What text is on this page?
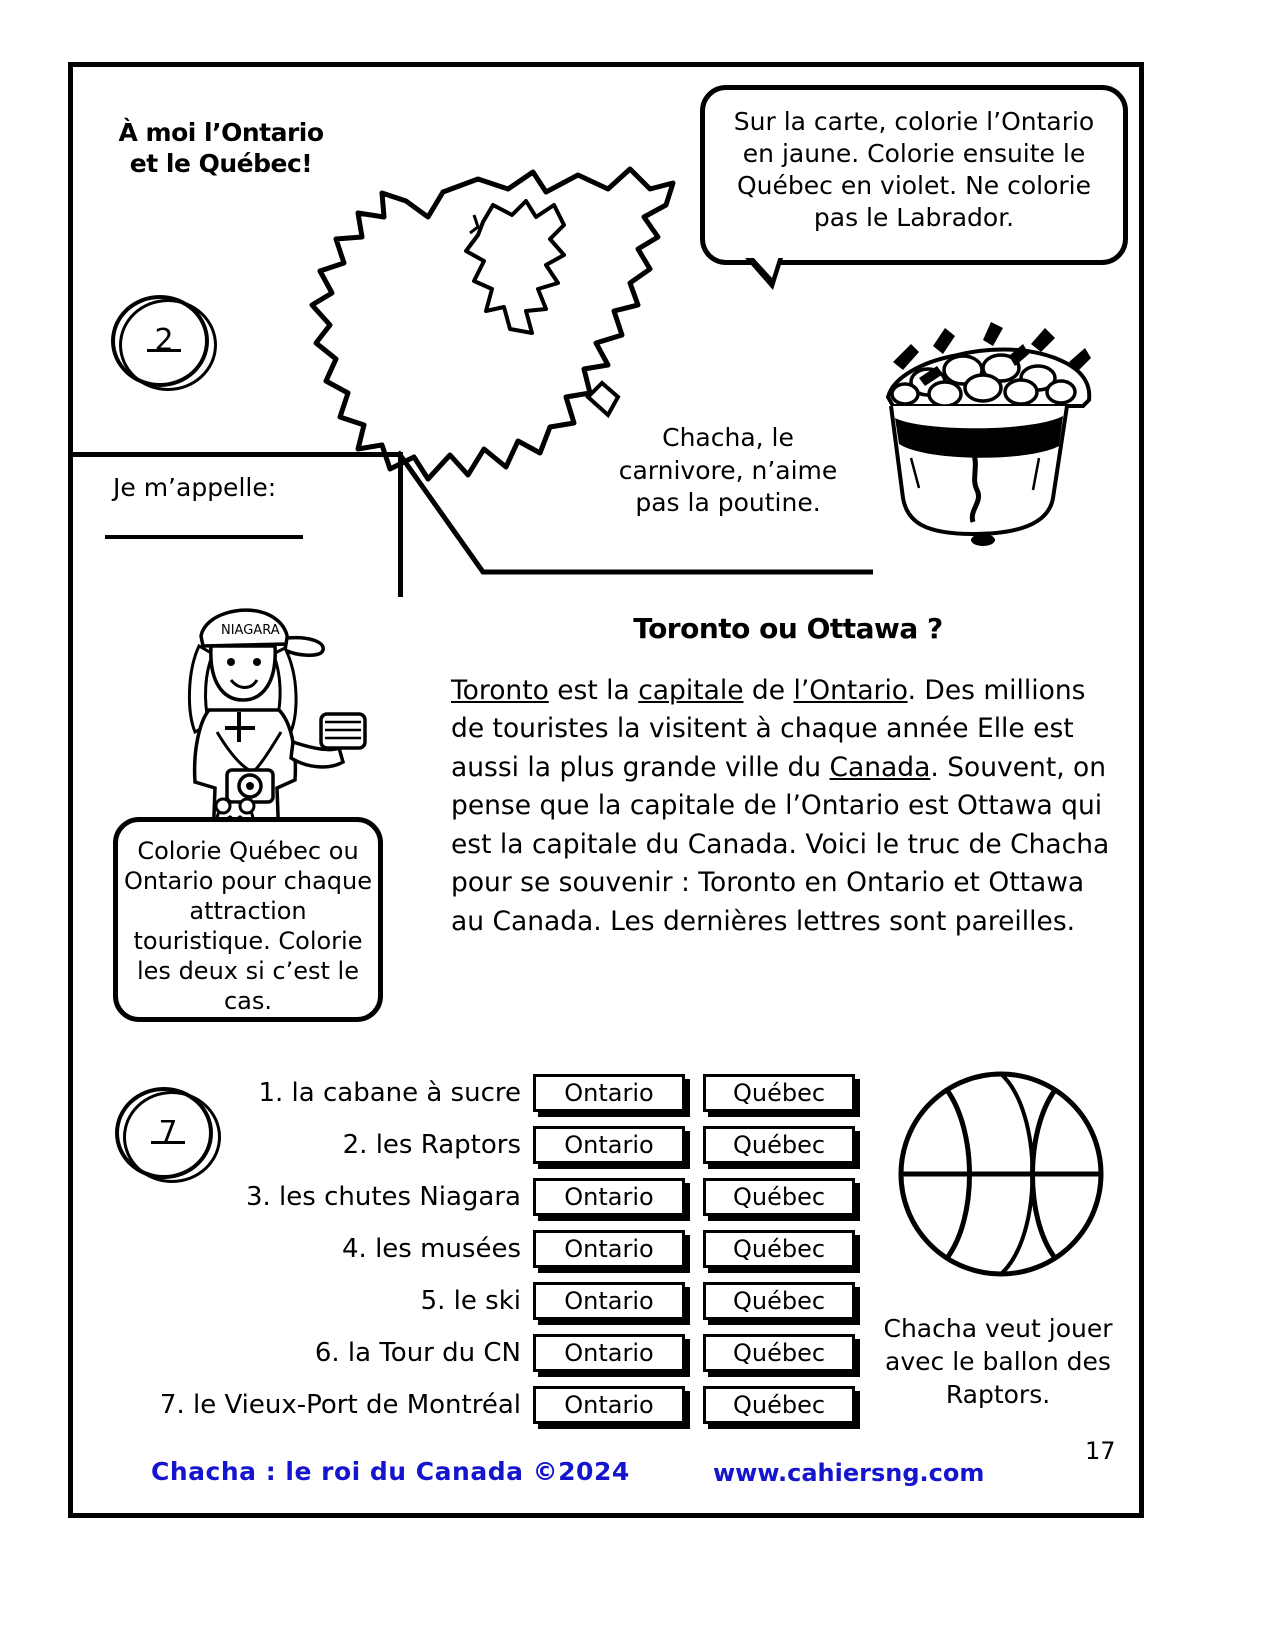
À moi l’Ontario
et le Québec!
Sur la carte, colorie l’Ontario en jaune. Colorie ensuite le Québec en violet. Ne colorie pas le Labrador.
Chacha, le carnivore, n’aime pas la poutine.
2
Je m’appelle:
NIAGARA
Colorie Québec ou Ontario pour chaque attraction touristique. Colorie les deux si c’est le cas.
Toronto ou Ottawa ?
Toronto est la capitale de l’Ontario. Des millions de touristes la visitent à chaque année Elle est aussi la plus grande ville du Canada. Souvent, on pense que la capitale de l’Ontario est Ottawa qui est la capitale du Canada. Voici le truc de Chacha pour se souvenir : Toronto en Ontario et Ottawa au Canada. Les dernières lettres sont pareilles.
7
1. la cabane à sucre	Ontario	Québec
2. les Raptors	Ontario	Québec
3. les chutes Niagara	Ontario	Québec
4. les musées	Ontario	Québec
5. le ski	Ontario	Québec
6. la Tour du CN	Ontario	Québec
7. le Vieux-Port de Montréal	Ontario	Québec
Chacha veut jouer avec le ballon des Raptors.
Chacha : le roi du Canada ©2024	www.cahiersng.com
17
